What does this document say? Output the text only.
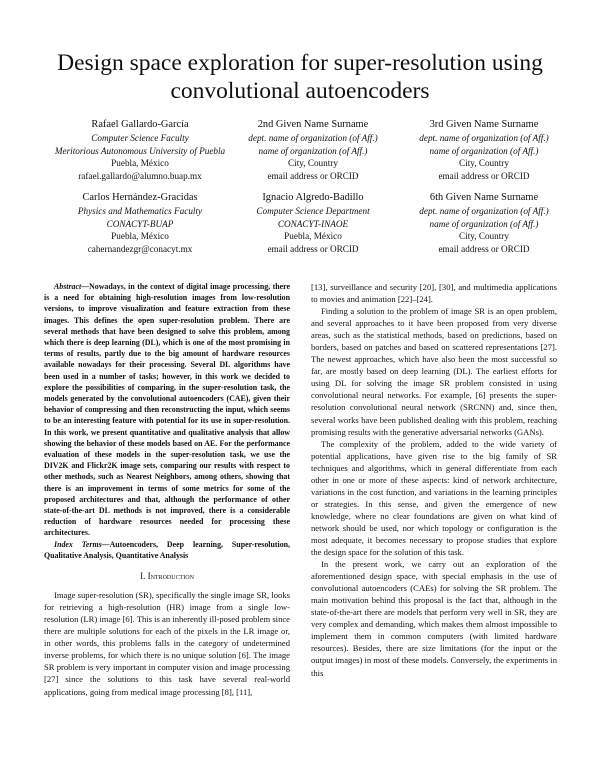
Design space exploration for super-resolution using convolutional autoencoders
Rafael Gallardo-García
Computer Science Faculty
Meritorious Autonomous University of Puebla
Puebla, México
rafael.gallardo@alumno.buap.mx
2nd Given Name Surname
dept. name of organization (of Aff.)
name of organization (of Aff.)
City, Country
email address or ORCID
3rd Given Name Surname
dept. name of organization (of Aff.)
name of organization (of Aff.)
City, Country
email address or ORCID
Carlos Hernández-Gracidas
Physics and Mathematics Faculty
CONACYT-BUAP
Puebla, México
cahernandezgr@conacyt.mx
Ignacio Algredo-Badillo
Computer Science Department
CONACYT-INAOE
Puebla, México
email address or ORCID
6th Given Name Surname
dept. name of organization (of Aff.)
name of organization (of Aff.)
City, Country
email address or ORCID

Abstract—Nowadays, in the context of digital image processing, there is a need for obtaining high-resolution images from low-resolution versions, to improve visualization and feature extraction from these images. This defines the open super-resolution problem. There are several methods that have been designed to solve this problem, among which there is deep learning (DL), which is one of the most promising in terms of results, partly due to the big amount of hardware resources available nowadays for their processing. Several DL algorithms have been used in a number of tasks; however, in this work we decided to explore the possibilities of comparing, in the super-resolution task, the models generated by the convolutional autoencoders (CAE), given their behavior of compressing and then reconstructing the input, which seems to be an interesting feature with potential for its use in super-resolution. In this work, we present quantitative and qualitative analysis that allow showing the behavior of these models based on AE. For the performance evaluation of these models in the super-resolution task, we use the DIV2K and Flickr2K image sets, comparing our results with respect to other methods, such as Nearest Neighbors, among others, showing that there is an improvement in terms of some metrics for some of the proposed architectures and that, although the performance of other state-of-the-art DL methods is not improved, there is a considerable reduction of hardware resources needed for processing these architectures.

Index Terms—Autoencoders, Deep learning, Super-resolution, Qualitative Analysis, Quantitative Analysis

I. Introduction

Image super-resolution (SR), specifically the single image SR, looks for retrieving a high-resolution (HR) image from a single low-resolution (LR) image [6]. This is an inherently ill-posed problem since there are multiple solutions for each of the pixels in the LR image or, in other words, this problems falls in the category of undetermined inverse problems, for which there is no unique solution [6]. The image SR problem is very important in computer vision and image processing [27] since the solutions to this task have several real-world applications, going from medical image processing [8], [11],

[13], surveillance and security [20], [30], and multimedia applications to movies and animation [22]–[24].

Finding a solution to the problem of image SR is an open problem, and several approaches to it have been proposed from very diverse areas, such as the statistical methods, based on predictions, based on borders, based on patches and based on scattered representations [27]. The newest approaches, which have also been the most successful so far, are mostly based on deep learning (DL). The earliest efforts for using DL for solving the image SR problem consisted in using convolutional neural networks. For example, [6] presents the super-resolution convolutional neural network (SRCNN) and, since then, several works have been published dealing with this problem, reaching promising results with the generative adversarial networks (GANs).

The complexity of the problem, added to the wide variety of potential applications, have given rise to the big family of SR techniques and algorithms, which in general differentiate from each other in one or more of these aspects: kind of network architecture, variations in the cost function, and variations in the learning principles or strategies. In this sense, and given the emergence of new knowledge, where no clear foundations are given on what kind of network should be used, nor which topology or configuration is the most adequate, it becomes necessary to propose studies that explore the design space for the solution of this task.

In the present work, we carry out an exploration of the aforementioned design space, with special emphasis in the use of convolutional autoencoders (CAEs) for solving the SR problem. The main motivation behind this proposal is the fact that, although in the state-of-the-art there are models that perform very well in SR, they are very complex and demanding, which makes them almost impossible to implement them in common computers (with limited hardware resources). Besides, there are size limitations (for the input or the output images) in most of these models. Conversely, the experiments in this
